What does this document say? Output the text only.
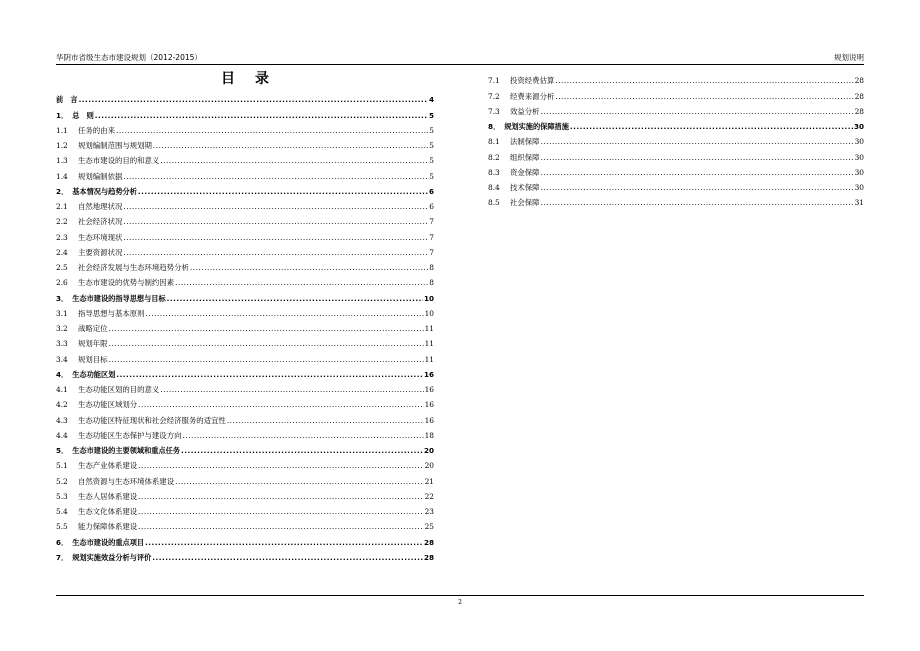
华阴市省级生态市建设规划（2012-2015）	规划说明
目录
前　言 .....	4
1． 总　则 .....	5
1.1	任务的由来 .....	5
1.2	规划编制范围与规划期 .....	5
1.3	生态市建设的目的和意义 .....	5
1.4	规划编制依据 .....	5
2． 基本情况与趋势分析 .....	6
2.1	自然地理状况 .....	6
2.2	社会经济状况 .....	7
2.3	生态环境现状 .....	7
2.4	主要资源状况 .....	7
2.5	社会经济发展与生态环境趋势分析 .....	8
2.6	生态市建设的优势与制约因素 .....	8
3． 生态市建设的指导思想与目标 .....	10
3.1	指导思想与基本原则 .....	10
3.2	战略定位 .....	11
3.3	规划年限 .....	11
3.4	规划目标 .....	11
4． 生态功能区划 .....	16
4.1	生态功能区划的目的意义 .....	16
4.2	生态功能区域划分 .....	16
4.3	生态功能区特征现状和社会经济服务的适宜性 .....	16
4.4	生态功能区生态保护与建设方向 .....	18
5． 生态市建设的主要领域和重点任务 .....	20
5.1	生态产业体系建设 .....	20
5.2	自然资源与生态环境体系建设 .....	21
5.3	生态人居体系建设 .....	22
5.4	生态文化体系建设 .....	23
5.5	能力保障体系建设 .....	25
6． 生态市建设的重点项目 .....	28
7． 规划实施效益分析与评价 .....	28
7.1	投资经费估算 .....	28
7.2	经费来源分析 .....	28
7.3	效益分析 .....	28
8． 规划实施的保障措施 .....	30
8.1	法制保障 .....	30
8.2	组织保障 .....	30
8.3	资金保障 .....	30
8.4	技术保障 .....	30
8.5	社会保障 .....	31
2
